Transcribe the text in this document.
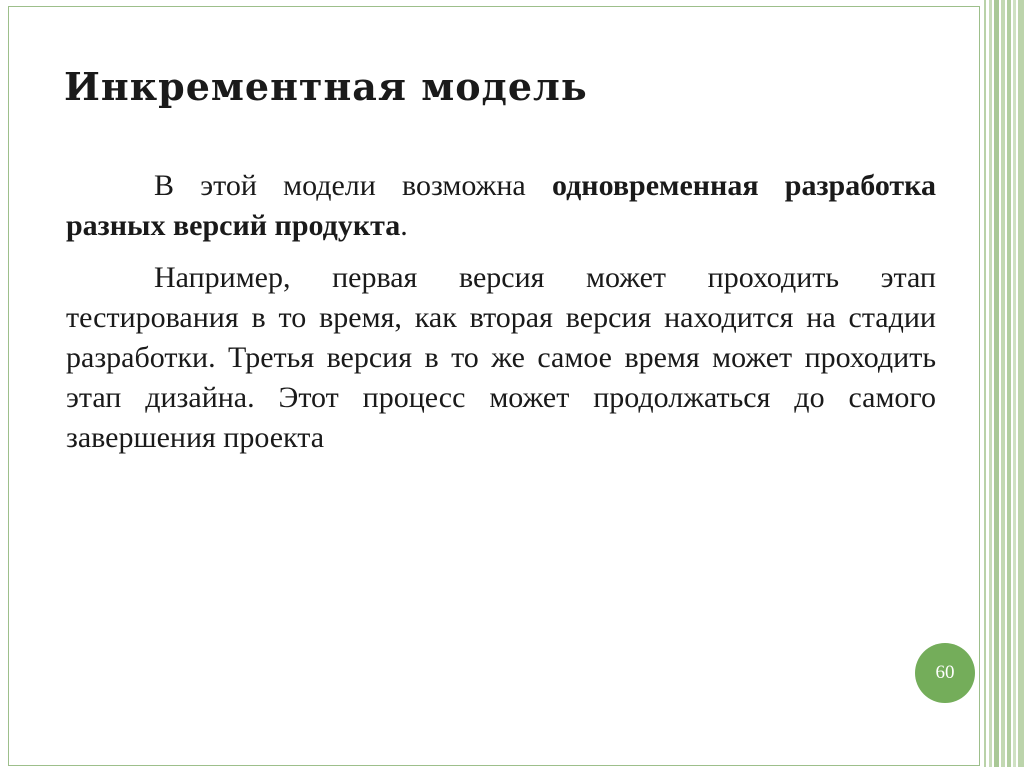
Инкрементная модель

В этой модели возможна одновременная разработка разных версий продукта.

Например, первая версия может проходить этап тестирования в то время, как вторая версия находится на стадии разработки. Третья версия в то же самое время может проходить этап дизайна. Этот процесс может продолжаться до самого завершения проекта

60
